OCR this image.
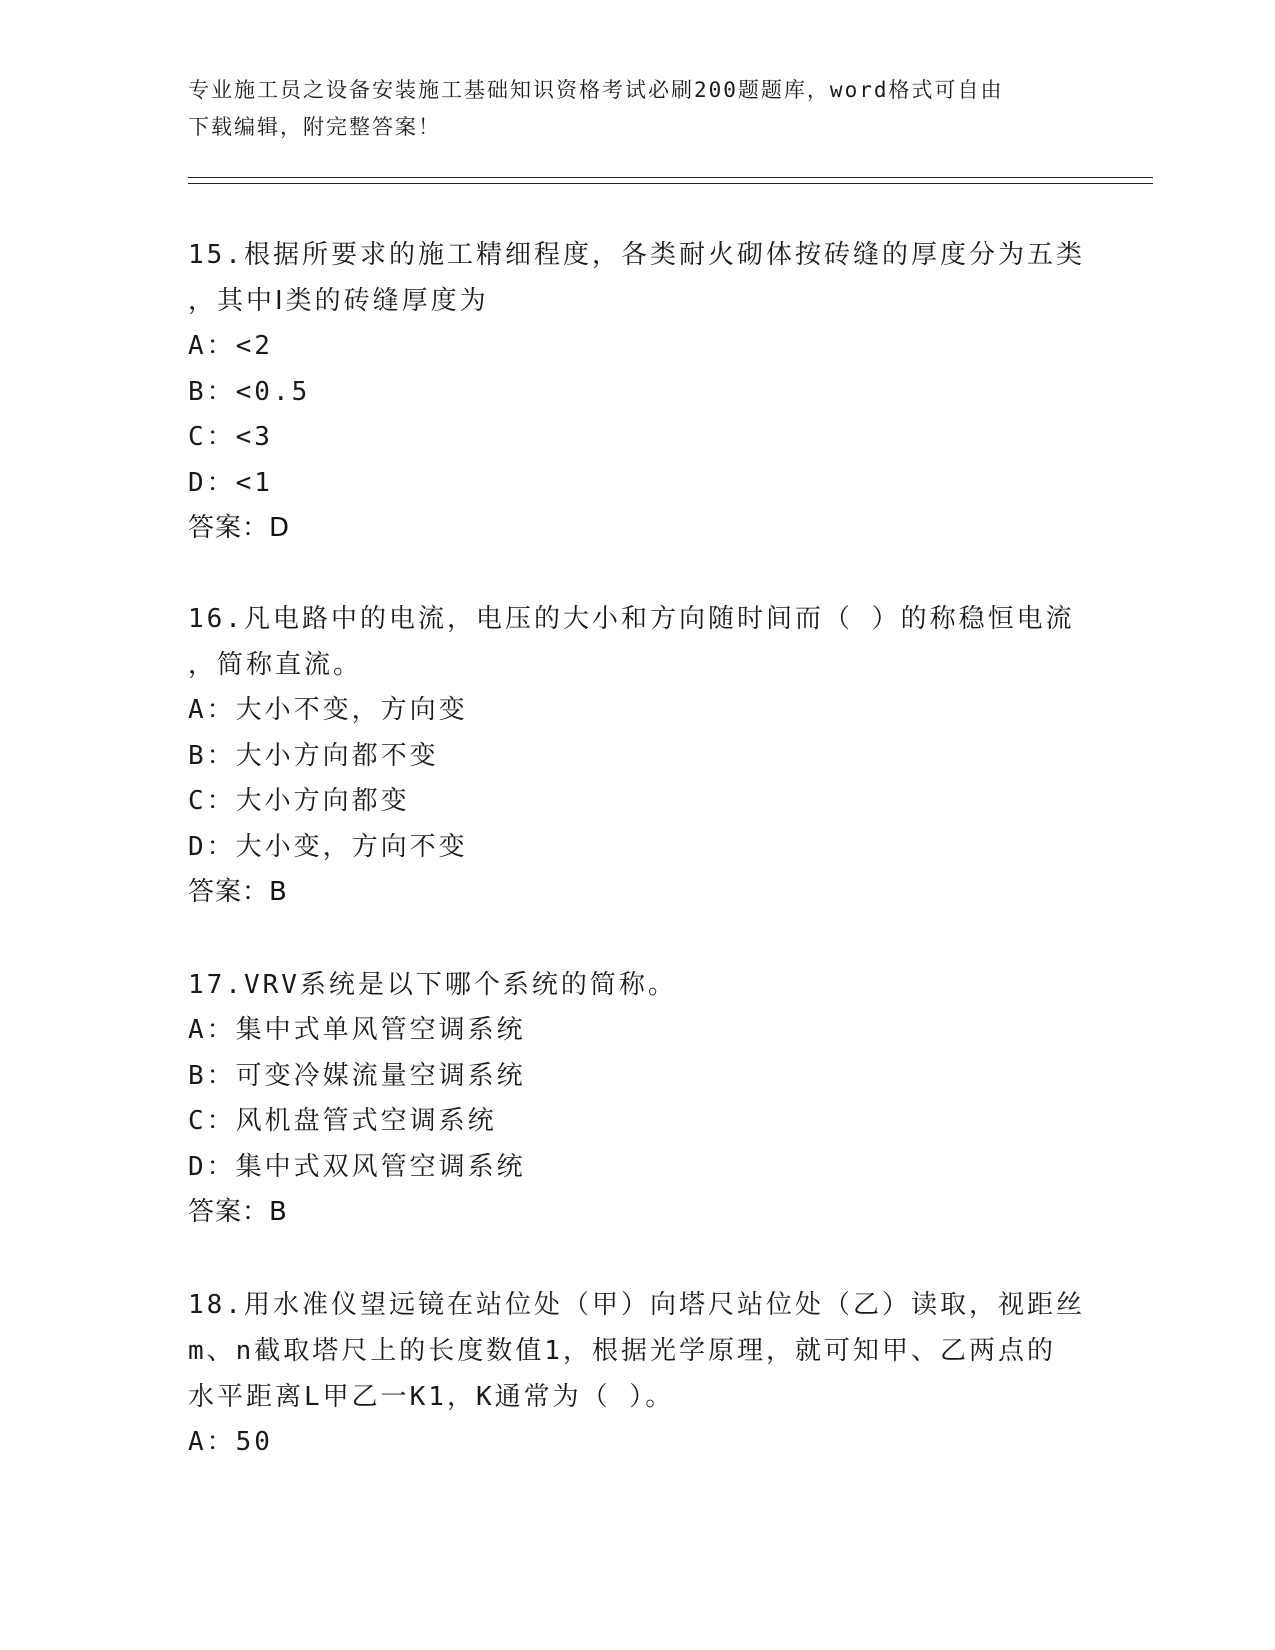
专业施工员之设备安装施工基础知识资格考试必刷200题题库，word格式可自由
下载编辑，附完整答案！
15.根据所要求的施工精细程度，各类耐火砌体按砖缝的厚度分为五类
，其中Ⅰ类的砖缝厚度为
A：<2
B：<0.5
C：<3
D：<1
答案：D
16.凡电路中的电流，电压的大小和方向随时间而（ ）的称稳恒电流
，简称直流。
A：大小不变，方向变
B：大小方向都不变
C：大小方向都变
D：大小变，方向不变
答案：B
17.VRV系统是以下哪个系统的简称。
A：集中式单风管空调系统
B：可变冷媒流量空调系统
C：风机盘管式空调系统
D：集中式双风管空调系统
答案：B
18.用水准仪望远镜在站位处（甲）向塔尺站位处（乙）读取，视距丝
m、n截取塔尺上的长度数值1，根据光学原理，就可知甲、乙两点的
水平距离L甲乙一K1，K通常为（ ）。
A：50
